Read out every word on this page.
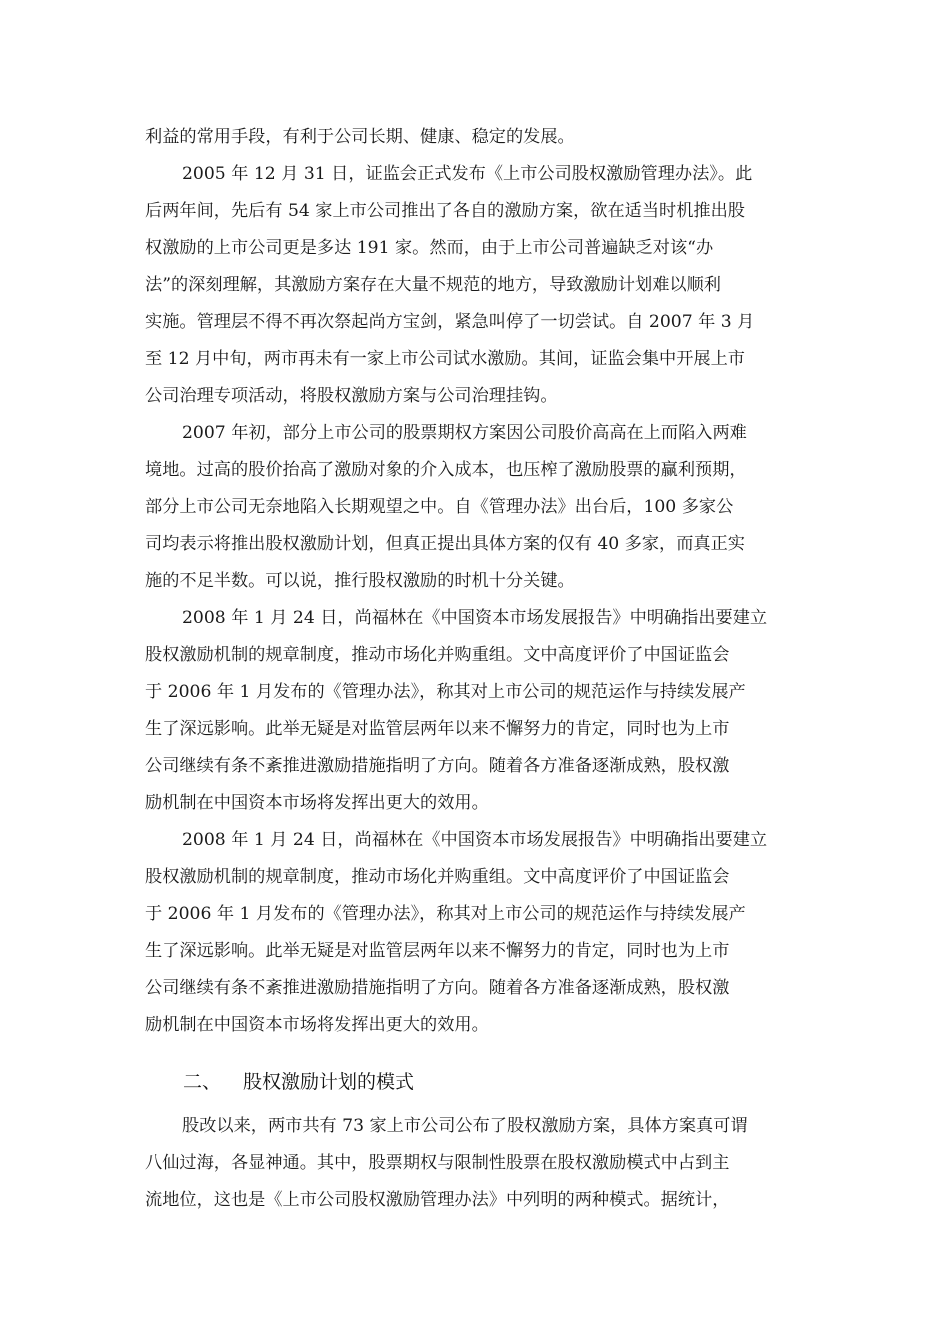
利益的常用手段，有利于公司长期、健康、稳定的发展。
2005 年 12 月 31 日，证监会正式发布《上市公司股权激励管理办法》。此
后两年间，先后有 54 家上市公司推出了各自的激励方案，欲在适当时机推出股
权激励的上市公司更是多达 191 家。然而，由于上市公司普遍缺乏对该“办
法”的深刻理解，其激励方案存在大量不规范的地方，导致激励计划难以顺利
实施。管理层不得不再次祭起尚方宝剑，紧急叫停了一切尝试。自 2007 年 3 月
至 12 月中旬，两市再未有一家上市公司试水激励。其间，证监会集中开展上市
公司治理专项活动，将股权激励方案与公司治理挂钩。
2007 年初，部分上市公司的股票期权方案因公司股价高高在上而陷入两难
境地。过高的股价抬高了激励对象的介入成本，也压榨了激励股票的赢利预期，
部分上市公司无奈地陷入长期观望之中。自《管理办法》出台后，100 多家公
司均表示将推出股权激励计划，但真正提出具体方案的仅有 40 多家，而真正实
施的不足半数。可以说，推行股权激励的时机十分关键。
2008 年 1 月 24 日，尚福林在《中国资本市场发展报告》中明确指出要建立
股权激励机制的规章制度，推动市场化并购重组。文中高度评价了中国证监会
于 2006 年 1 月发布的《管理办法》，称其对上市公司的规范运作与持续发展产
生了深远影响。此举无疑是对监管层两年以来不懈努力的肯定，同时也为上市
公司继续有条不紊推进激励措施指明了方向。随着各方准备逐渐成熟，股权激
励机制在中国资本市场将发挥出更大的效用。
2008 年 1 月 24 日，尚福林在《中国资本市场发展报告》中明确指出要建立
股权激励机制的规章制度，推动市场化并购重组。文中高度评价了中国证监会
于 2006 年 1 月发布的《管理办法》，称其对上市公司的规范运作与持续发展产
生了深远影响。此举无疑是对监管层两年以来不懈努力的肯定，同时也为上市
公司继续有条不紊推进激励措施指明了方向。随着各方准备逐渐成熟，股权激
励机制在中国资本市场将发挥出更大的效用。
二、 股权激励计划的模式
股改以来，两市共有 73 家上市公司公布了股权激励方案，具体方案真可谓
八仙过海，各显神通。其中，股票期权与限制性股票在股权激励模式中占到主
流地位，这也是《上市公司股权激励管理办法》中列明的两种模式。据统计，
